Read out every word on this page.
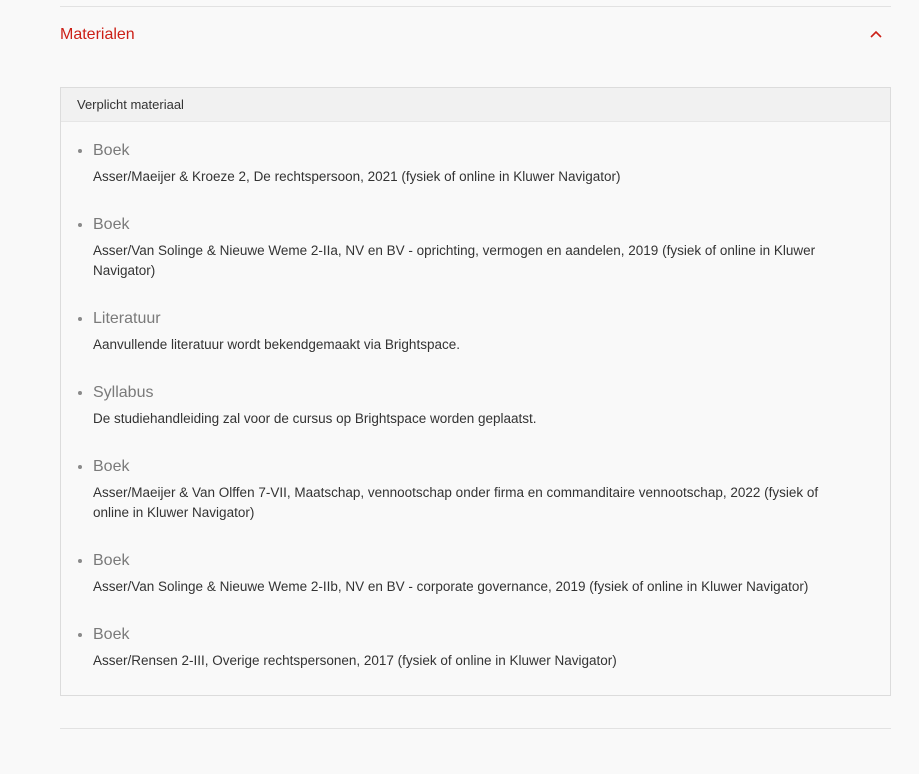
Materialen
Verplicht materiaal
Boek
Asser/Maeijer & Kroeze 2, De rechtspersoon, 2021 (fysiek of online in Kluwer Navigator)
Boek
Asser/Van Solinge & Nieuwe Weme 2-IIa, NV en BV - oprichting, vermogen en aandelen, 2019 (fysiek of online in Kluwer Navigator)
Literatuur
Aanvullende literatuur wordt bekendgemaakt via Brightspace.
Syllabus
De studiehandleiding zal voor de cursus op Brightspace worden geplaatst.
Boek
Asser/Maeijer & Van Olffen 7-VII, Maatschap, vennootschap onder firma en commanditaire vennootschap, 2022 (fysiek of online in Kluwer Navigator)
Boek
Asser/Van Solinge & Nieuwe Weme 2-IIb, NV en BV - corporate governance, 2019 (fysiek of online in Kluwer Navigator)
Boek
Asser/Rensen 2-III, Overige rechtspersonen, 2017 (fysiek of online in Kluwer Navigator)
